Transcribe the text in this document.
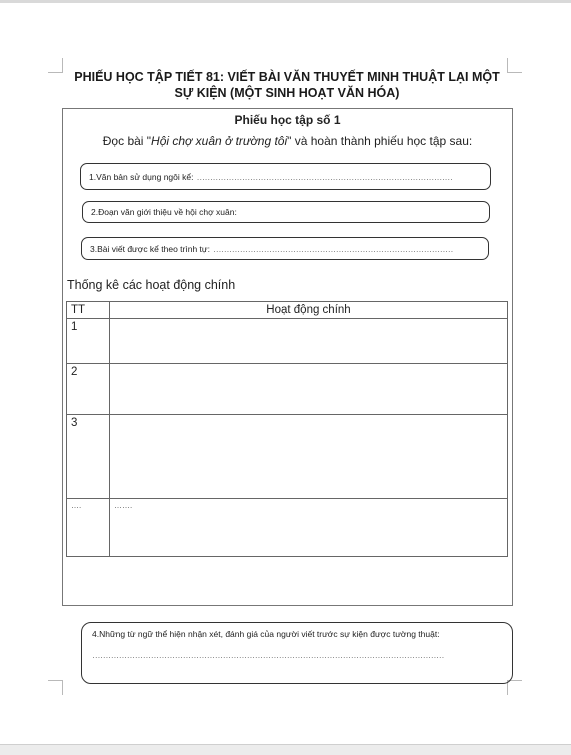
PHIẾU HỌC TẬP TIẾT 81: VIẾT BÀI VĂN THUYẾT MINH THUẬT LẠI MỘT SỰ KIỆN (MỘT SINH HOẠT VĂN HÓA)
Phiếu học tập số 1
Đọc bài "Hội chợ xuân ở trường tôi" và hoàn thành phiếu học tập sau:
1.Văn bản sử dụng ngôi kể: ……………………………………………………………………………………
2.Đoạn văn giới thiệu về hội chợ xuân:
3.Bài viết được kể theo trình tự: ………………………………………………………………………………
Thống kê các hoạt động chính
TT	Hoạt động chính
1	
2	
3	
….	…….
4.Những từ ngữ thể hiện nhận xét, đánh giá của người viết trước sự kiện được tường thuật:
……………………………………………………………………………………………………………………
